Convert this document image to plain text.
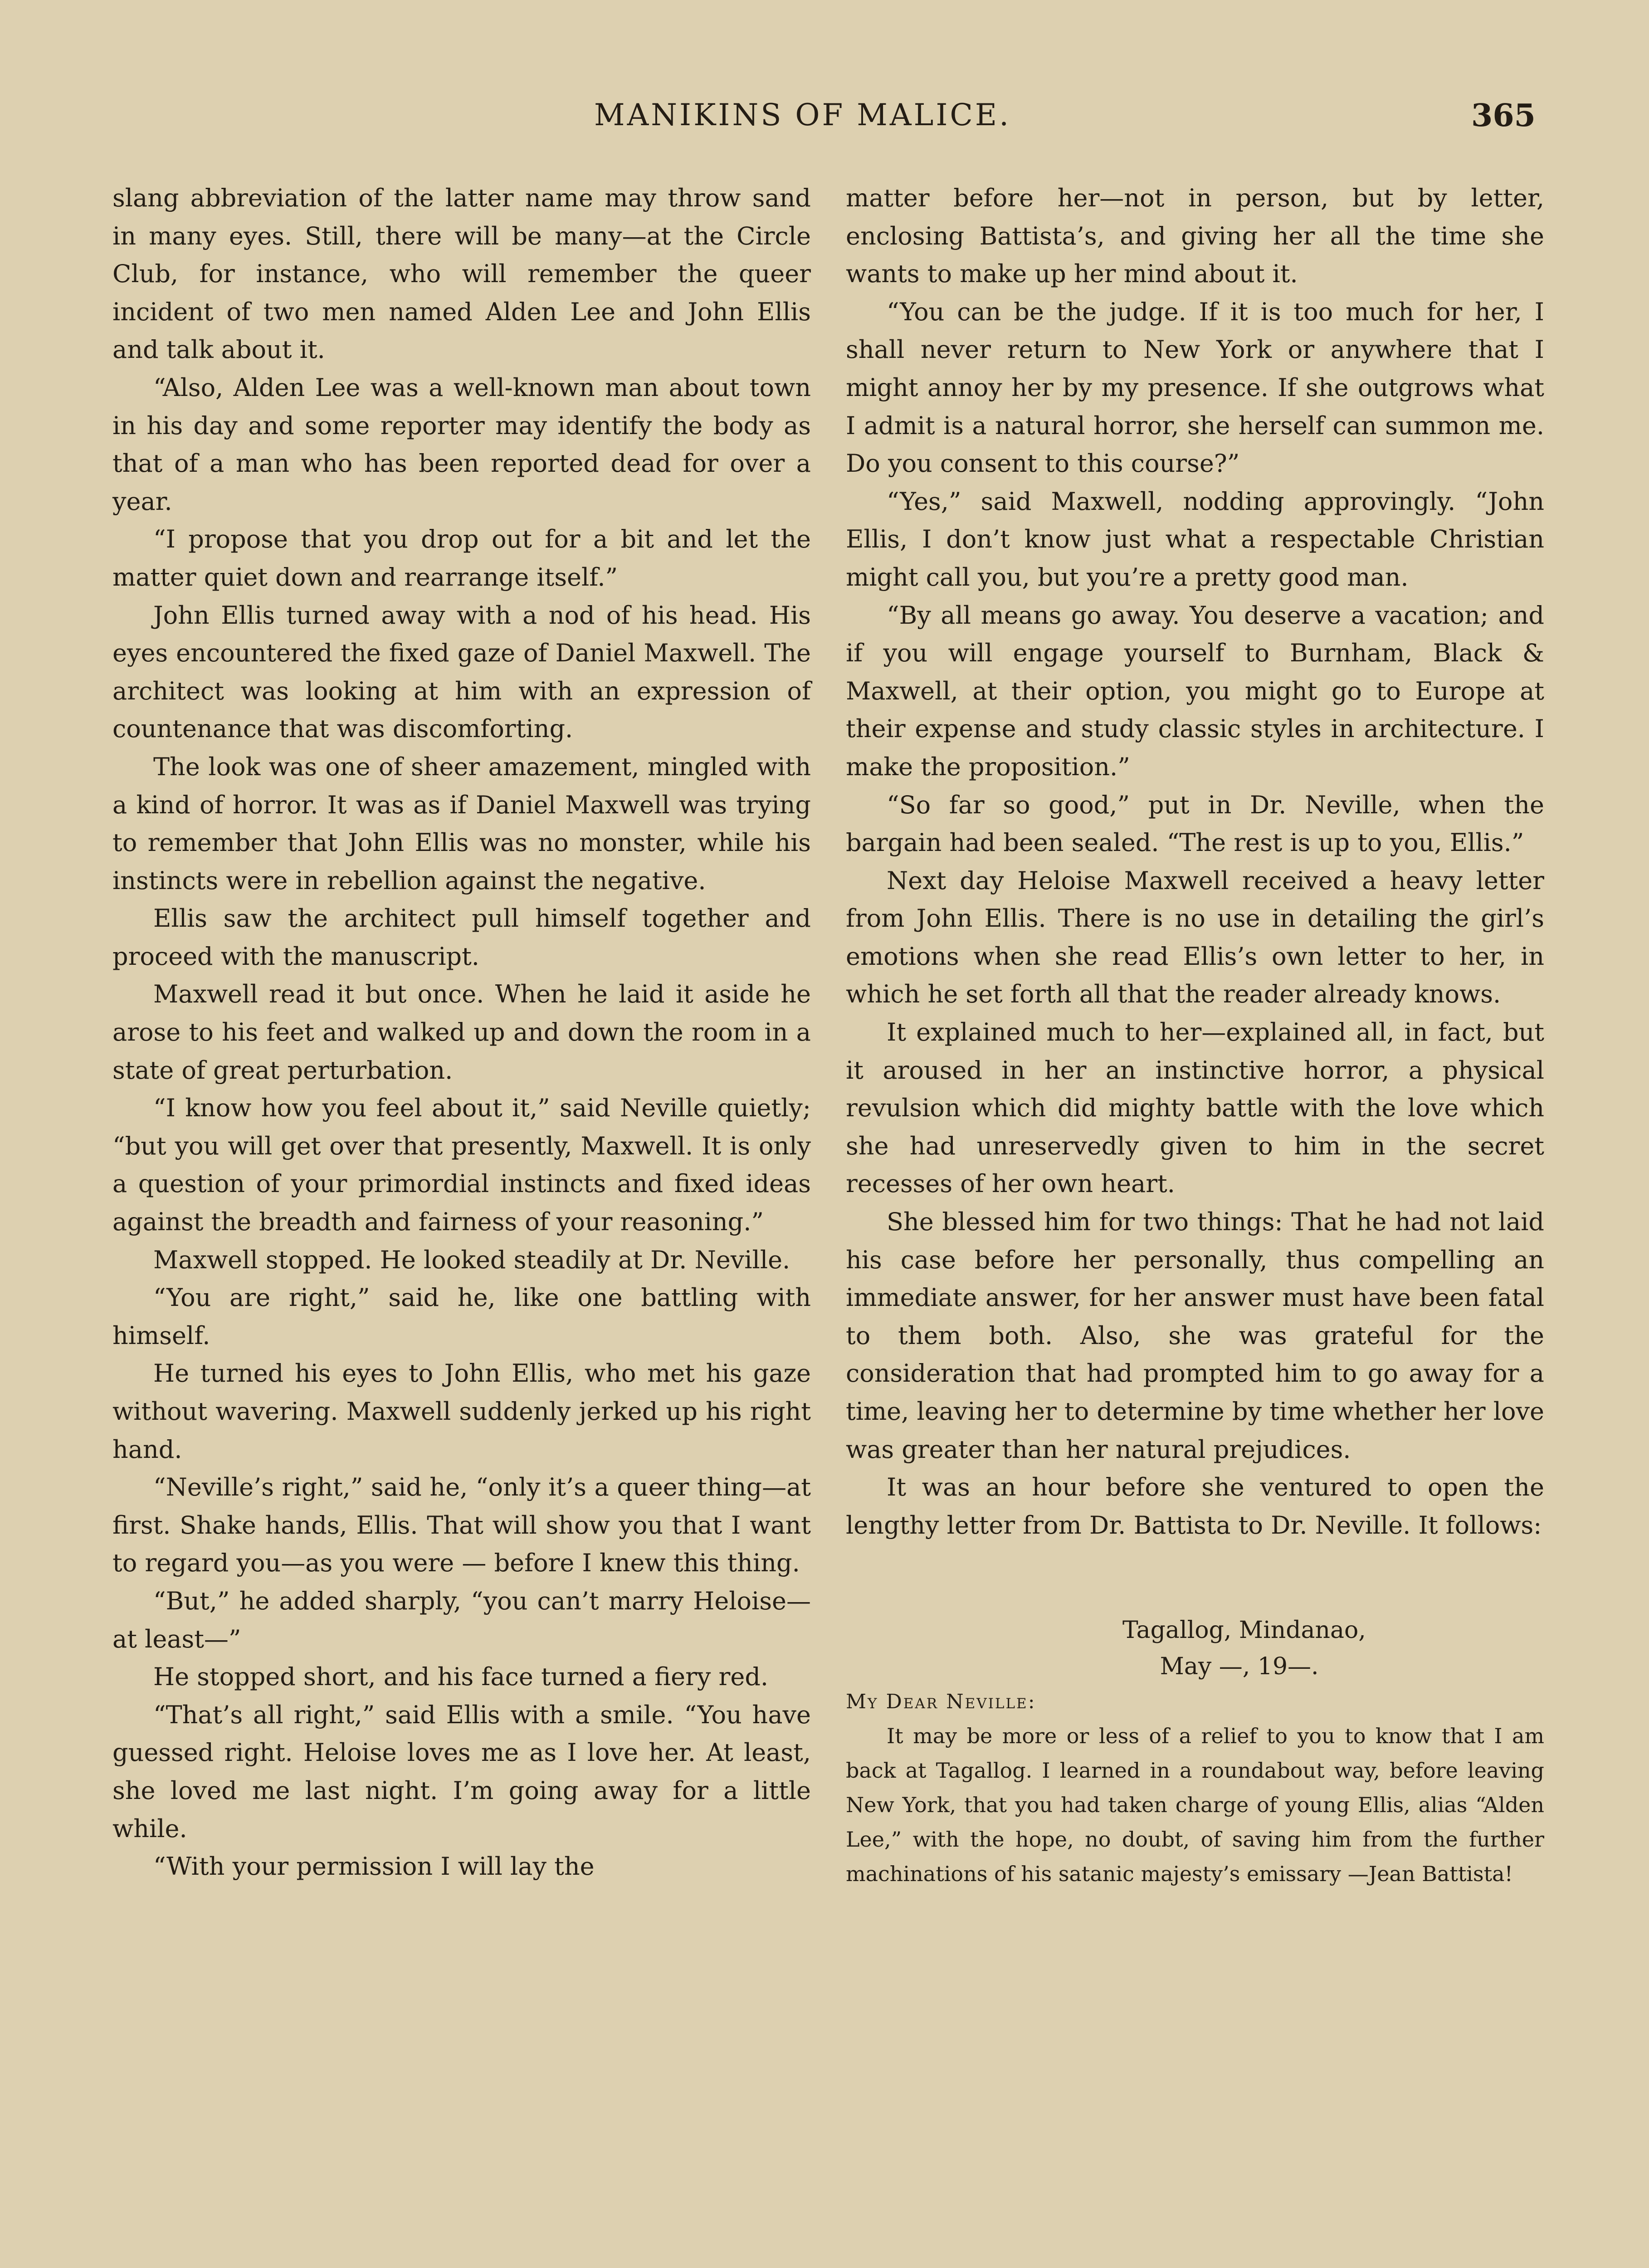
MANIKINS OF MALICE.	365

slang abbreviation of the latter name may throw sand in many eyes. Still, there will be many—at the Circle Club, for instance, who will remember the queer incident of two men named Alden Lee and John Ellis and talk about it.

“Also, Alden Lee was a well-known man about town in his day and some reporter may identify the body as that of a man who has been reported dead for over a year.

“I propose that you drop out for a bit and let the matter quiet down and rearrange itself.”

John Ellis turned away with a nod of his head. His eyes encountered the fixed gaze of Daniel Maxwell. The architect was looking at him with an expression of countenance that was discomforting.

The look was one of sheer amazement, mingled with a kind of horror. It was as if Daniel Maxwell was trying to remember that John Ellis was no monster, while his instincts were in rebellion against the negative.

Ellis saw the architect pull himself together and proceed with the manuscript.

Maxwell read it but once. When he laid it aside he arose to his feet and walked up and down the room in a state of great perturbation.

“I know how you feel about it,” said Neville quietly; “but you will get over that presently, Maxwell. It is only a question of your primordial instincts and fixed ideas against the breadth and fairness of your reasoning.”

Maxwell stopped. He looked steadily at Dr. Neville.

“You are right,” said he, like one battling with himself.

He turned his eyes to John Ellis, who met his gaze without wavering. Maxwell suddenly jerked up his right hand.

“Neville’s right,” said he, “only it’s a queer thing—at first. Shake hands, Ellis. That will show you that I want to regard you—as you were — before I knew this thing.

“But,” he added sharply, “you can’t marry Heloise—at least—”

He stopped short, and his face turned a fiery red.

“That’s all right,” said Ellis with a smile. “You have guessed right. Heloise loves me as I love her. At least, she loved me last night. I’m going away for a little while.

“With your permission I will lay the

matter before her—not in person, but by letter, enclosing Battista’s, and giving her all the time she wants to make up her mind about it.

“You can be the judge. If it is too much for her, I shall never return to New York or anywhere that I might annoy her by my presence. If she outgrows what I admit is a natural horror, she herself can summon me. Do you consent to this course?”

“Yes,” said Maxwell, nodding approvingly. “John Ellis, I don’t know just what a respectable Christian might call you, but you’re a pretty good man.

“By all means go away. You deserve a vacation; and if you will engage yourself to Burnham, Black & Maxwell, at their option, you might go to Europe at their expense and study classic styles in architecture. I make the proposition.”

“So far so good,” put in Dr. Neville, when the bargain had been sealed. “The rest is up to you, Ellis.”

Next day Heloise Maxwell received a heavy letter from John Ellis. There is no use in detailing the girl’s emotions when she read Ellis’s own letter to her, in which he set forth all that the reader already knows.

It explained much to her—explained all, in fact, but it aroused in her an instinctive horror, a physical revulsion which did mighty battle with the love which she had unreservedly given to him in the secret recesses of her own heart.

She blessed him for two things: That he had not laid his case before her personally, thus compelling an immediate answer, for her answer must have been fatal to them both. Also, she was grateful for the consideration that had prompted him to go away for a time, leaving her to determine by time whether her love was greater than her natural prejudices.

It was an hour before she ventured to open the lengthy letter from Dr. Battista to Dr. Neville. It follows:

Tagallog, Mindanao,
May —, 19—.

My Dear Neville:

It may be more or less of a relief to you to know that I am back at Tagallog. I learned in a roundabout way, before leaving New York, that you had taken charge of young Ellis, alias “Alden Lee,” with the hope, no doubt, of saving him from the further machinations of his satanic majesty’s emissary —Jean Battista!
